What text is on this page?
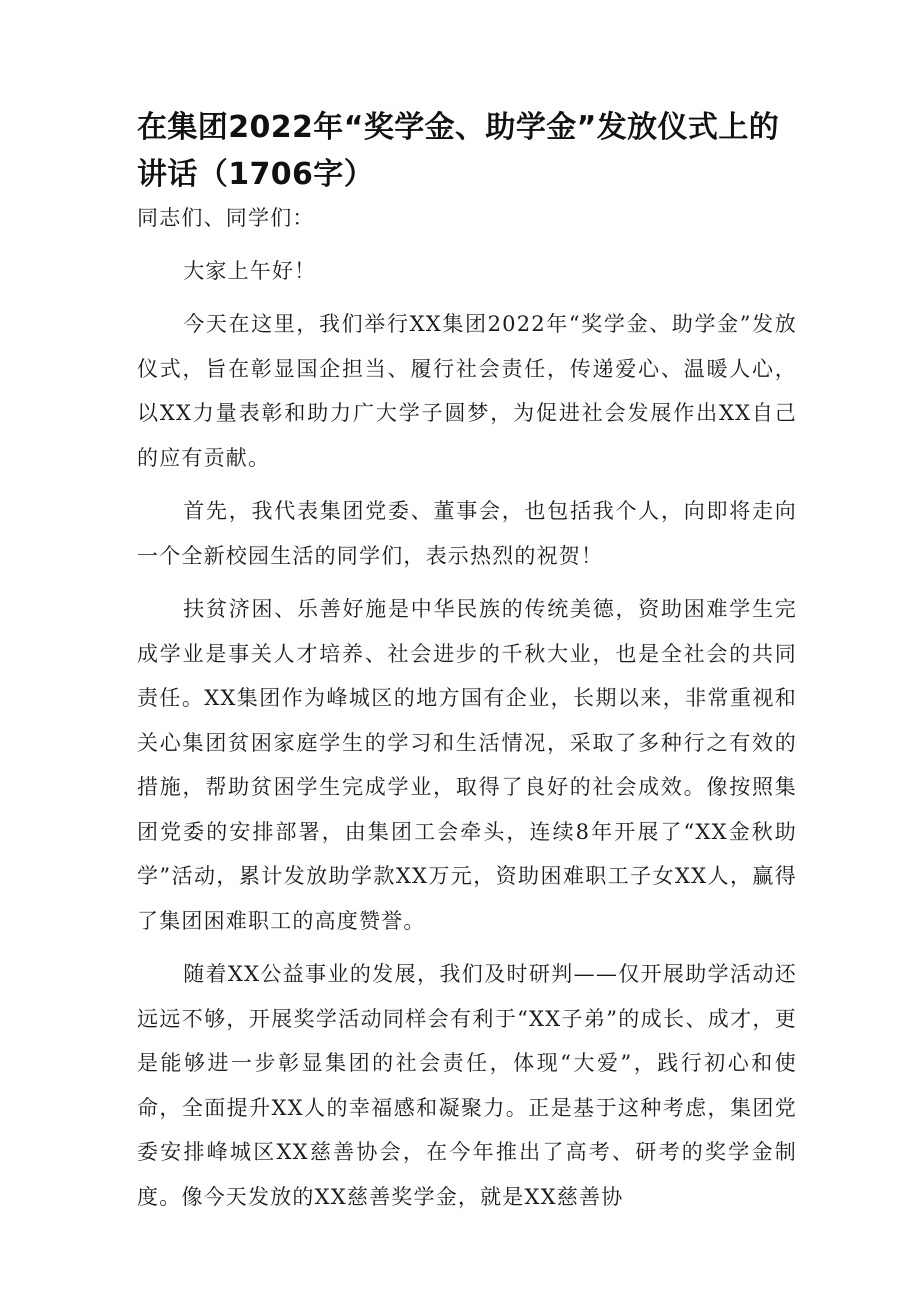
在集团2022年“奖学金、助学金”发放仪式上的讲话（1706字）

同志们、同学们：

大家上午好！

今天在这里，我们举行XX集团2022年“奖学金、助学金”发放仪式，旨在彰显国企担当、履行社会责任，传递爱心、温暖人心，以XX力量表彰和助力广大学子圆梦，为促进社会发展作出XX自己的应有贡献。

首先，我代表集团党委、董事会，也包括我个人，向即将走向一个全新校园生活的同学们，表示热烈的祝贺！

扶贫济困、乐善好施是中华民族的传统美德，资助困难学生完成学业是事关人才培养、社会进步的千秋大业，也是全社会的共同责任。XX集团作为峰城区的地方国有企业，长期以来，非常重视和关心集团贫困家庭学生的学习和生活情况，采取了多种行之有效的措施，帮助贫困学生完成学业，取得了良好的社会成效。像按照集团党委的安排部署，由集团工会牵头，连续8年开展了“XX金秋助学”活动，累计发放助学款XX万元，资助困难职工子女XX人，赢得了集团困难职工的高度赞誉。

随着XX公益事业的发展，我们及时研判——仅开展助学活动还远远不够，开展奖学活动同样会有利于“XX子弟”的成长、成才，更是能够进一步彰显集团的社会责任，体现“大爱”，践行初心和使命，全面提升XX人的幸福感和凝聚力。正是基于这种考虑，集团党委安排峰城区XX慈善协会，在今年推出了高考、研考的奖学金制度。像今天发放的XX慈善奖学金，就是XX慈善协
